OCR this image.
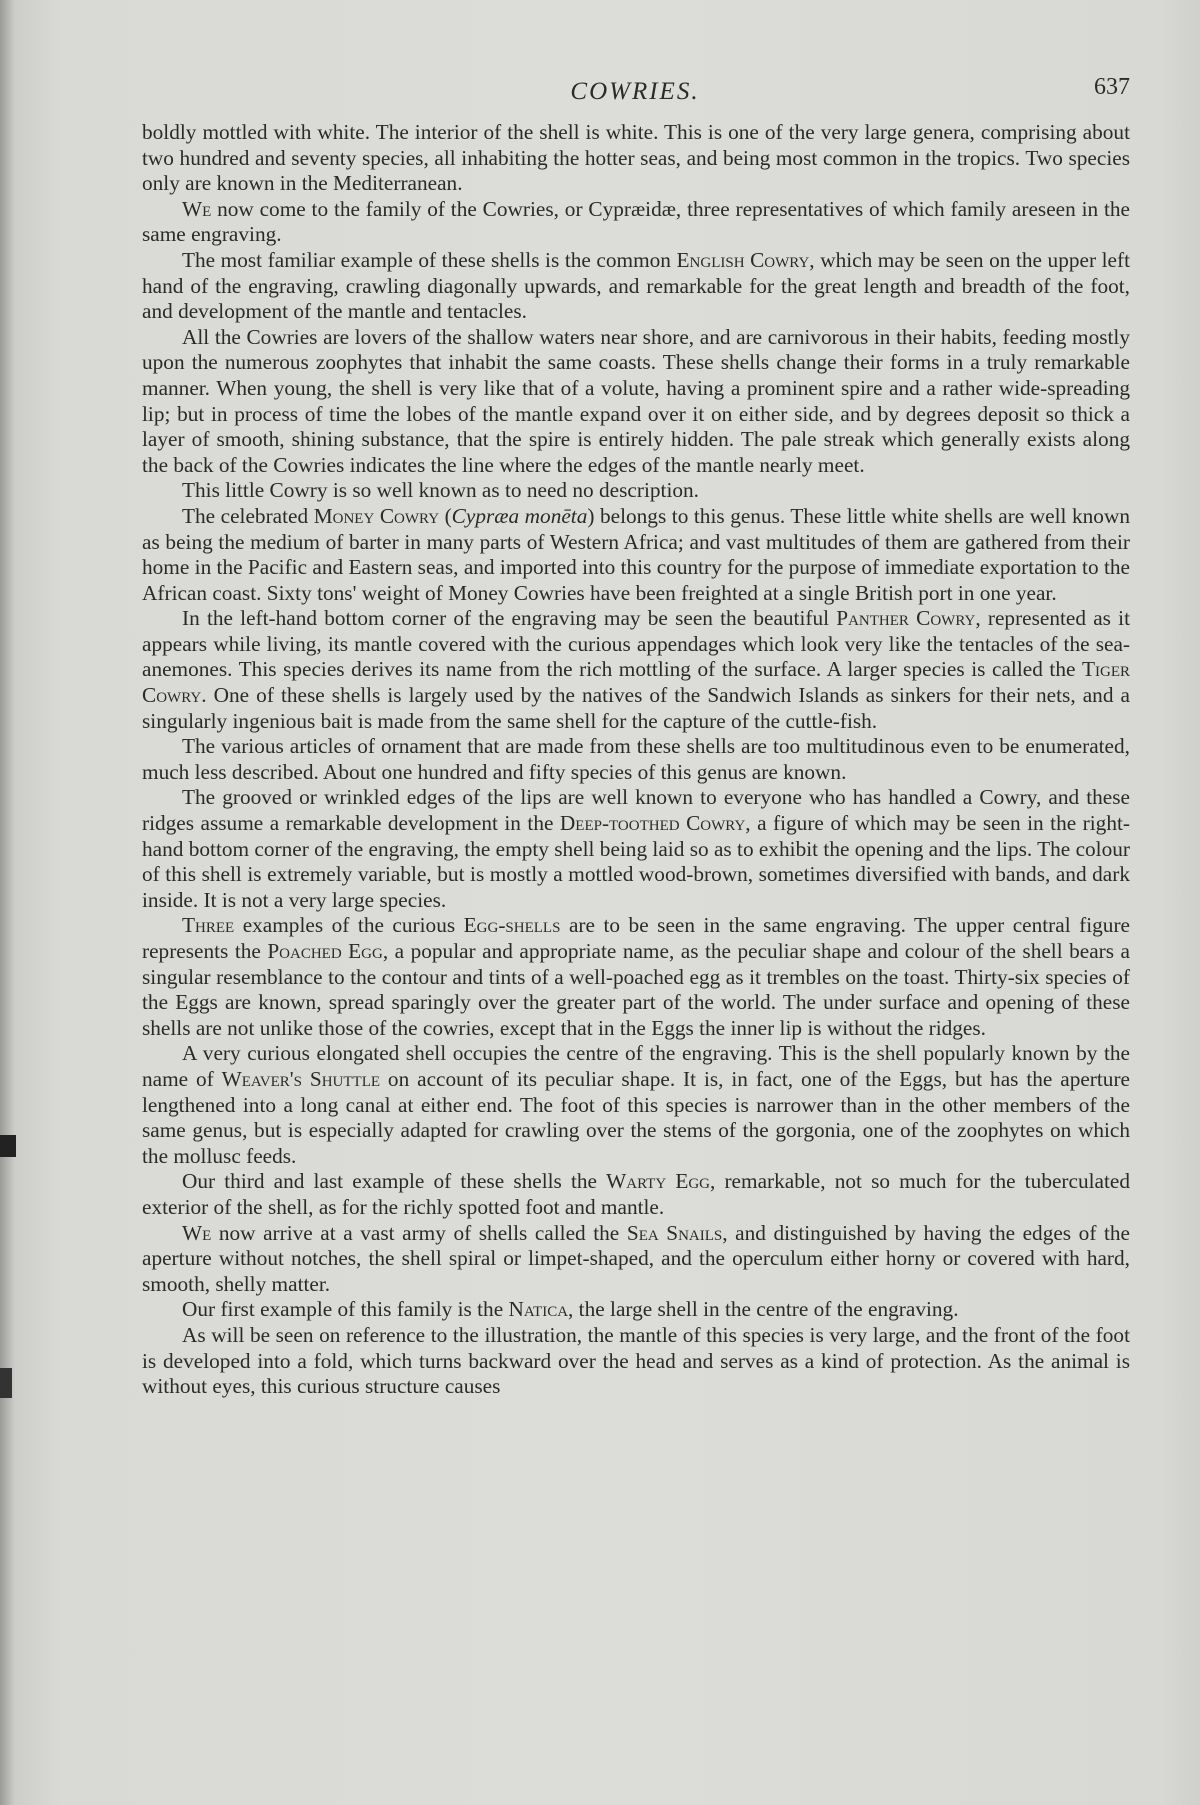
COWRIES.	637

boldly mottled with white. The interior of the shell is white. This is one of the very large genera, comprising about two hundred and seventy species, all inhabiting the hotter seas, and being most common in the tropics. Two species only are known in the Mediterranean.

We now come to the family of the Cowries, or Cypræidæ, three representatives of which family areseen in the same engraving.

The most familiar example of these shells is the common English Cowry, which may be seen on the upper left hand of the engraving, crawling diagonally upwards, and remarkable for the great length and breadth of the foot, and development of the mantle and tentacles.

All the Cowries are lovers of the shallow waters near shore, and are carnivorous in their habits, feeding mostly upon the numerous zoophytes that inhabit the same coasts. These shells change their forms in a truly remarkable manner. When young, the shell is very like that of a volute, having a prominent spire and a rather wide-spreading lip; but in process of time the lobes of the mantle expand over it on either side, and by degrees deposit so thick a layer of smooth, shining substance, that the spire is entirely hidden. The pale streak which generally exists along the back of the Cowries indicates the line where the edges of the mantle nearly meet.

This little Cowry is so well known as to need no description.

The celebrated Money Cowry (Cypræa monēta) belongs to this genus. These little white shells are well known as being the medium of barter in many parts of Western Africa; and vast multitudes of them are gathered from their home in the Pacific and Eastern seas, and imported into this country for the purpose of immediate exportation to the African coast. Sixty tons' weight of Money Cowries have been freighted at a single British port in one year.

In the left-hand bottom corner of the engraving may be seen the beautiful Panther Cowry, represented as it appears while living, its mantle covered with the curious appendages which look very like the tentacles of the sea-anemones. This species derives its name from the rich mottling of the surface. A larger species is called the Tiger Cowry. One of these shells is largely used by the natives of the Sandwich Islands as sinkers for their nets, and a singularly ingenious bait is made from the same shell for the capture of the cuttle-fish.

The various articles of ornament that are made from these shells are too multitudinous even to be enumerated, much less described. About one hundred and fifty species of this genus are known.

The grooved or wrinkled edges of the lips are well known to everyone who has handled a Cowry, and these ridges assume a remarkable development in the Deep-toothed Cowry, a figure of which may be seen in the right-hand bottom corner of the engraving, the empty shell being laid so as to exhibit the opening and the lips. The colour of this shell is extremely variable, but is mostly a mottled wood-brown, sometimes diversified with bands, and dark inside. It is not a very large species.

Three examples of the curious Egg-shells are to be seen in the same engraving. The upper central figure represents the Poached Egg, a popular and appropriate name, as the peculiar shape and colour of the shell bears a singular resemblance to the contour and tints of a well-poached egg as it trembles on the toast. Thirty-six species of the Eggs are known, spread sparingly over the greater part of the world. The under surface and opening of these shells are not unlike those of the cowries, except that in the Eggs the inner lip is without the ridges.

A very curious elongated shell occupies the centre of the engraving. This is the shell popularly known by the name of Weaver's Shuttle on account of its peculiar shape. It is, in fact, one of the Eggs, but has the aperture lengthened into a long canal at either end. The foot of this species is narrower than in the other members of the same genus, but is especially adapted for crawling over the stems of the gorgonia, one of the zoophytes on which the mollusc feeds.

Our third and last example of these shells the Warty Egg, remarkable, not so much for the tuberculated exterior of the shell, as for the richly spotted foot and mantle.

We now arrive at a vast army of shells called the Sea Snails, and distinguished by having the edges of the aperture without notches, the shell spiral or limpet-shaped, and the operculum either horny or covered with hard, smooth, shelly matter.

Our first example of this family is the Natica, the large shell in the centre of the engraving.

As will be seen on reference to the illustration, the mantle of this species is very large, and the front of the foot is developed into a fold, which turns backward over the head and serves as a kind of protection. As the animal is without eyes, this curious structure causes
